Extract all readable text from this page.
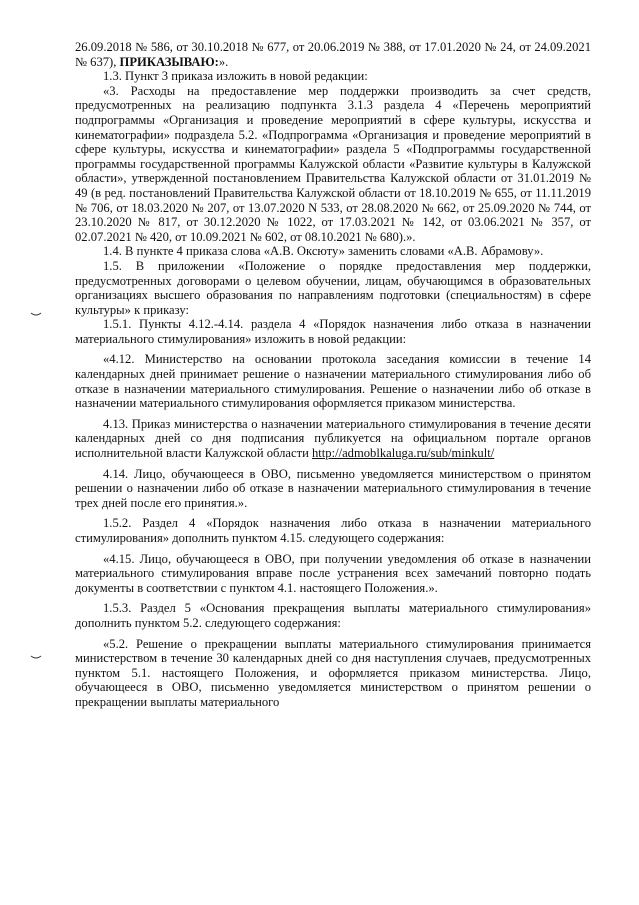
26.09.2018 № 586, от 30.10.2018 № 677, от 20.06.2019 № 388, от 17.01.2020 № 24, от 24.09.2021 № 637), ПРИКАЗЫВАЮ:».

1.3. Пункт 3 приказа изложить в новой редакции:

«3. Расходы на предоставление мер поддержки производить за счет средств, предусмотренных на реализацию подпункта 3.1.3 раздела 4 «Перечень мероприятий подпрограммы «Организация и проведение мероприятий в сфере культуры, искусства и кинематографии» подраздела 5.2. «Подпрограмма «Организация и проведение мероприятий в сфере культуры, искусства и кинематографии» раздела 5 «Подпрограммы государственной программы государственной программы Калужской области «Развитие культуры в Калужской области», утвержденной постановлением Правительства Калужской области от 31.01.2019 № 49 (в ред. постановлений Правительства Калужской области от 18.10.2019 № 655, от 11.11.2019 № 706, от 18.03.2020 № 207, от 13.07.2020 N 533, от 28.08.2020 № 662, от 25.09.2020 № 744, от 23.10.2020 № 817, от 30.12.2020 № 1022, от 17.03.2021 № 142, от 03.06.2021 № 357, от 02.07.2021 № 420, от 10.09.2021 № 602, от 08.10.2021 № 680).».

1.4. В пункте 4 приказа слова «А.В. Оксюту» заменить словами «А.В. Абрамову».

1.5. В приложении «Положение о порядке предоставления мер поддержки, предусмотренных договорами о целевом обучении, лицам, обучающимся в образовательных организациях высшего образования по направлениям подготовки (специальностям) в сфере культуры» к приказу:

1.5.1. Пункты 4.12.-4.14. раздела 4 «Порядок назначения либо отказа в назначении материального стимулирования» изложить в новой редакции:

«4.12. Министерство на основании протокола заседания комиссии в течение 14 календарных дней принимает решение о назначении материального стимулирования либо об отказе в назначении материального стимулирования. Решение о назначении либо об отказе в назначении материального стимулирования оформляется приказом министерства.

4.13. Приказ министерства о назначении материального стимулирования в течение десяти календарных дней со дня подписания публикуется на официальном портале органов исполнительной власти Калужской области http://admoblkaluga.ru/sub/minkult/

4.14. Лицо, обучающееся в ОВО, письменно уведомляется министерством о принятом решении о назначении либо об отказе в назначении материального стимулирования в течение трех дней после его принятия.».

1.5.2. Раздел 4 «Порядок назначения либо отказа в назначении материального стимулирования» дополнить пунктом 4.15. следующего содержания:

«4.15. Лицо, обучающееся в ОВО, при получении уведомления об отказе в назначении материального стимулирования вправе после устранения всех замечаний повторно подать документы в соответствии с пунктом 4.1. настоящего Положения.».

1.5.3. Раздел 5 «Основания прекращения выплаты материального стимулирования» дополнить пунктом 5.2. следующего содержания:

«5.2. Решение о прекращении выплаты материального стимулирования принимается министерством в течение 30 календарных дней со дня наступления случаев, предусмотренных пунктом 5.1. настоящего Положения, и оформляется приказом министерства. Лицо, обучающееся в ОВО, письменно уведомляется министерством о принятом решении о прекращении выплаты материального
